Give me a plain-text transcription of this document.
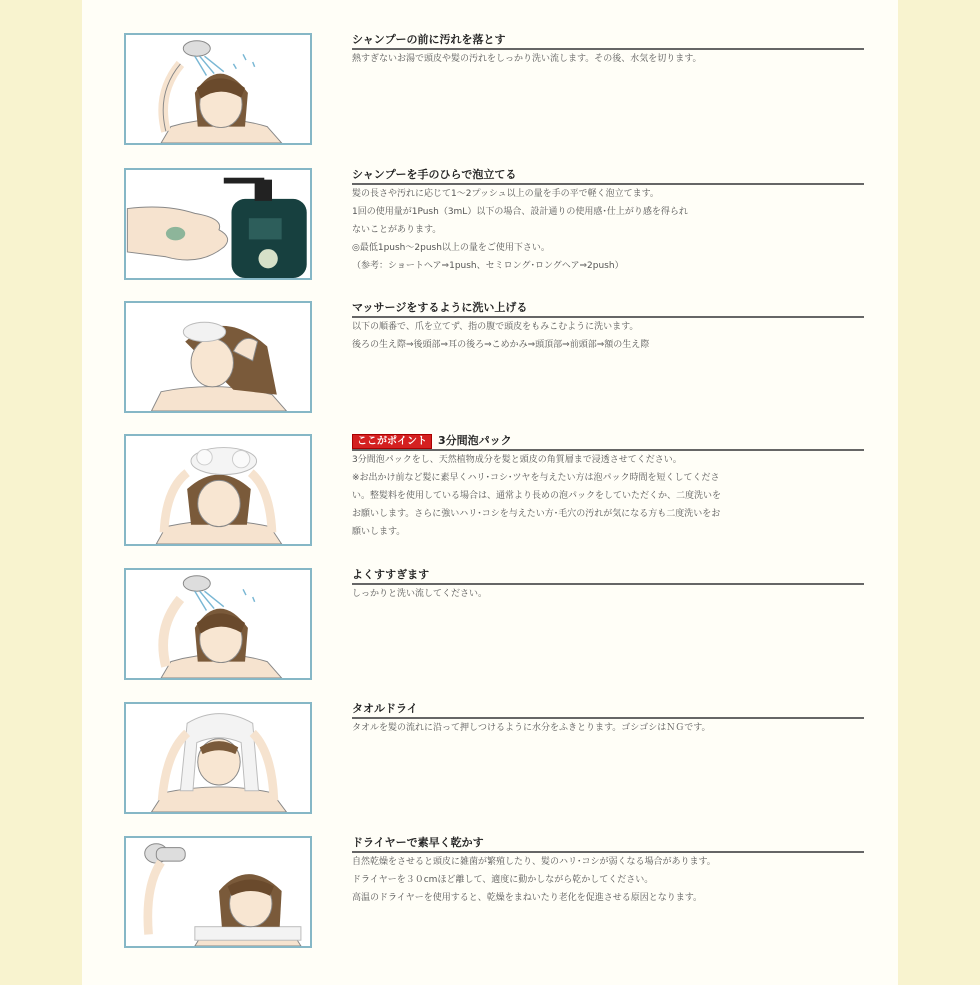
シャンプーの前に汚れを落とす
熱すぎないお湯で頭皮や髪の汚れをしっかり洗い流します。その後、水気を切ります。
シャンプーを手のひらで泡立てる
髪の長さや汚れに応じて1～2プッシュ以上の量を手の平で軽く泡立てます。
1回の使用量が1Push（3mL）以下の場合、設計通りの使用感･仕上がり感を得られ
ないことがあります。
◎最低1push～2push以上の量をご使用下さい。
（参考：ショートヘア⇒1push、セミロング･ロングヘア⇒2push）
マッサージをするように洗い上げる
以下の順番で、爪を立てず、指の腹で頭皮をもみこむように洗います。
後ろの生え際⇒後頭部⇒耳の後ろ⇒こめかみ⇒頭頂部⇒前頭部⇒額の生え際
ここがポイント 3分間泡パック
3分間泡パックをし、天然植物成分を髪と頭皮の角質層まで浸透させてください。
※お出かけ前など髪に素早くハリ･コシ･ツヤを与えたい方は泡パック時間を短くしてくださ
い。整髪料を使用している場合は、通常より長めの泡パックをしていただくか、二度洗いを
お願いします。さらに強いハリ･コシを与えたい方･毛穴の汚れが気になる方も二度洗いをお
願いします。
よくすすぎます
しっかりと洗い流してください。
タオルドライ
タオルを髪の流れに沿って押しつけるように水分をふきとります。ゴシゴシはＮＧです。
ドライヤーで素早く乾かす
自然乾燥をさせると頭皮に雑菌が繁殖したり、髪のハリ･コシが弱くなる場合があります。
ドライヤーを３０cmほど離して、適度に動かしながら乾かしてください。
高温のドライヤーを使用すると、乾燥をまねいたり老化を促進させる原因となります。
